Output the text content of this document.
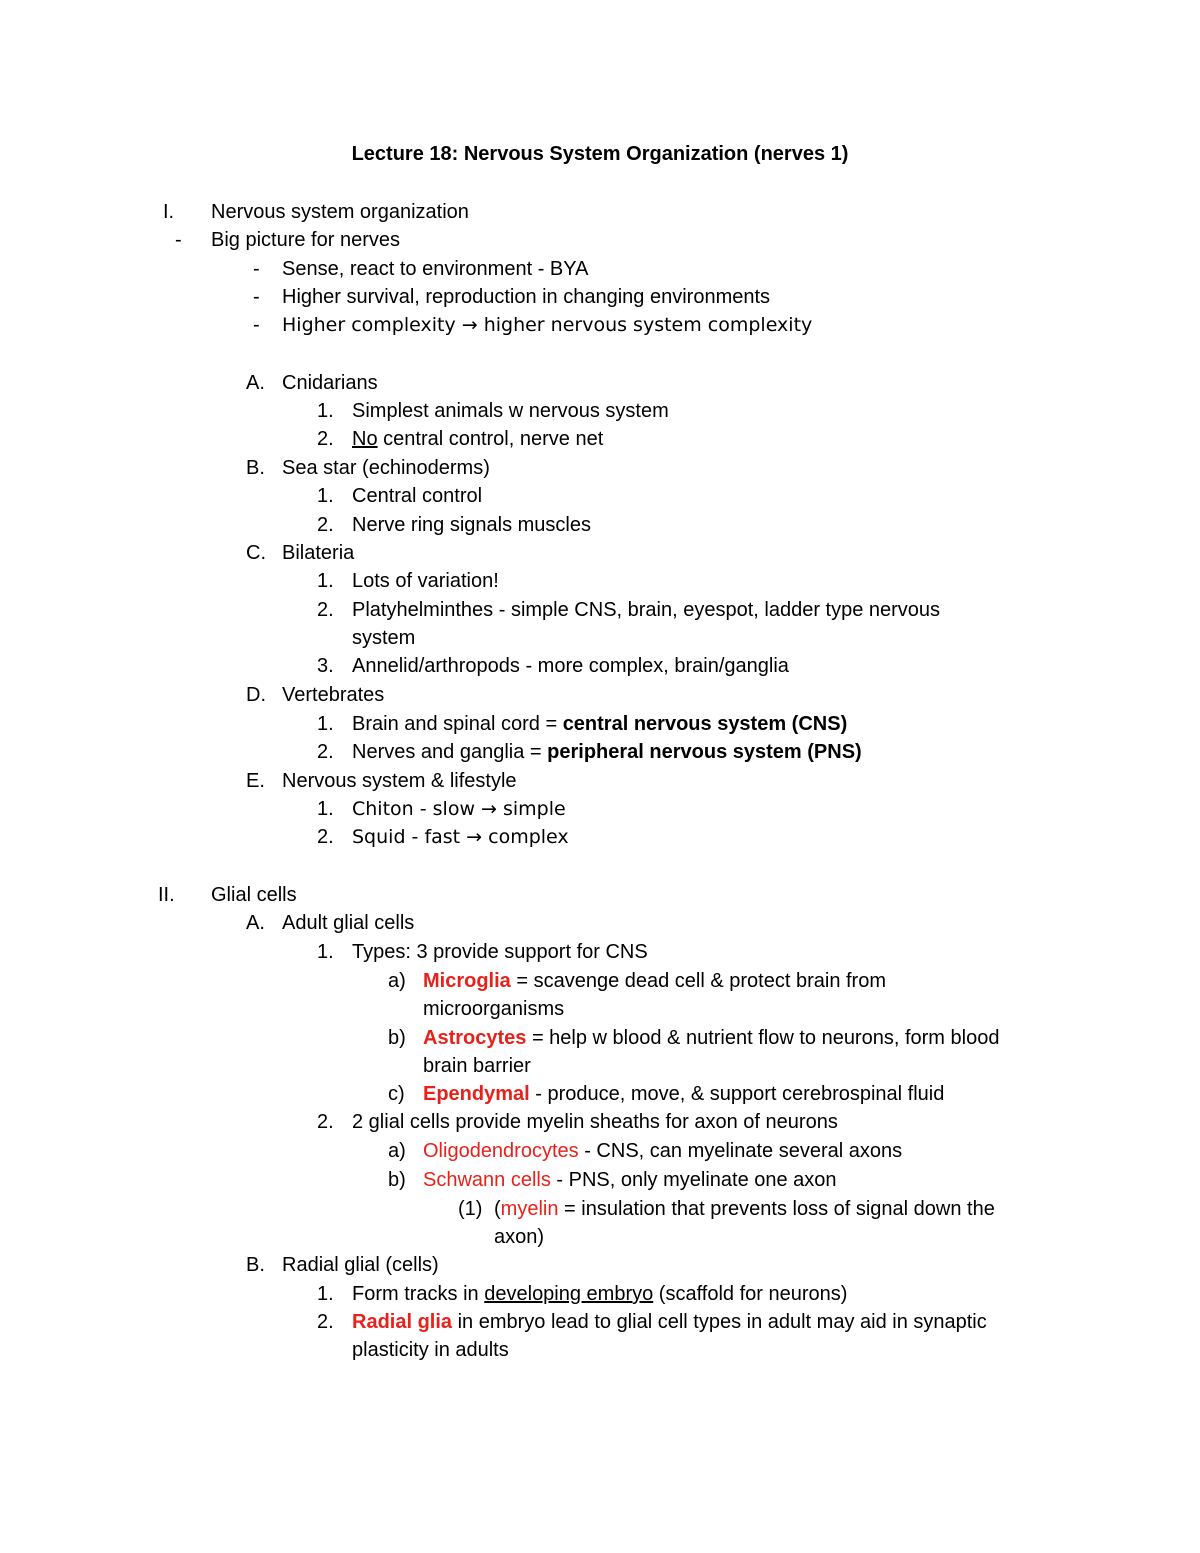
Lecture 18: Nervous System Organization (nerves 1)
I. Nervous system organization
- Big picture for nerves
- Sense, react to environment - BYA
- Higher survival, reproduction in changing environments
- Higher complexity → higher nervous system complexity
A. Cnidarians
1. Simplest animals w nervous system
2. No central control, nerve net
B. Sea star (echinoderms)
1. Central control
2. Nerve ring signals muscles
C. Bilateria
1. Lots of variation!
2. Platyhelminthes - simple CNS, brain, eyespot, ladder type nervous
system
3. Annelid/arthropods - more complex, brain/ganglia
D. Vertebrates
1. Brain and spinal cord = central nervous system (CNS)
2. Nerves and ganglia = peripheral nervous system (PNS)
E. Nervous system & lifestyle
1. Chiton - slow → simple
2. Squid - fast → complex
II. Glial cells
A. Adult glial cells
1. Types: 3 provide support for CNS
a) Microglia = scavenge dead cell & protect brain from
microorganisms
b) Astrocytes = help w blood & nutrient flow to neurons, form blood
brain barrier
c) Ependymal - produce, move, & support cerebrospinal fluid
2. 2 glial cells provide myelin sheaths for axon of neurons
a) Oligodendrocytes - CNS, can myelinate several axons
b) Schwann cells - PNS, only myelinate one axon
(1) (myelin = insulation that prevents loss of signal down the
axon)
B. Radial glial (cells)
1. Form tracks in developing embryo (scaffold for neurons)
2. Radial glia in embryo lead to glial cell types in adult may aid in synaptic
plasticity in adults
